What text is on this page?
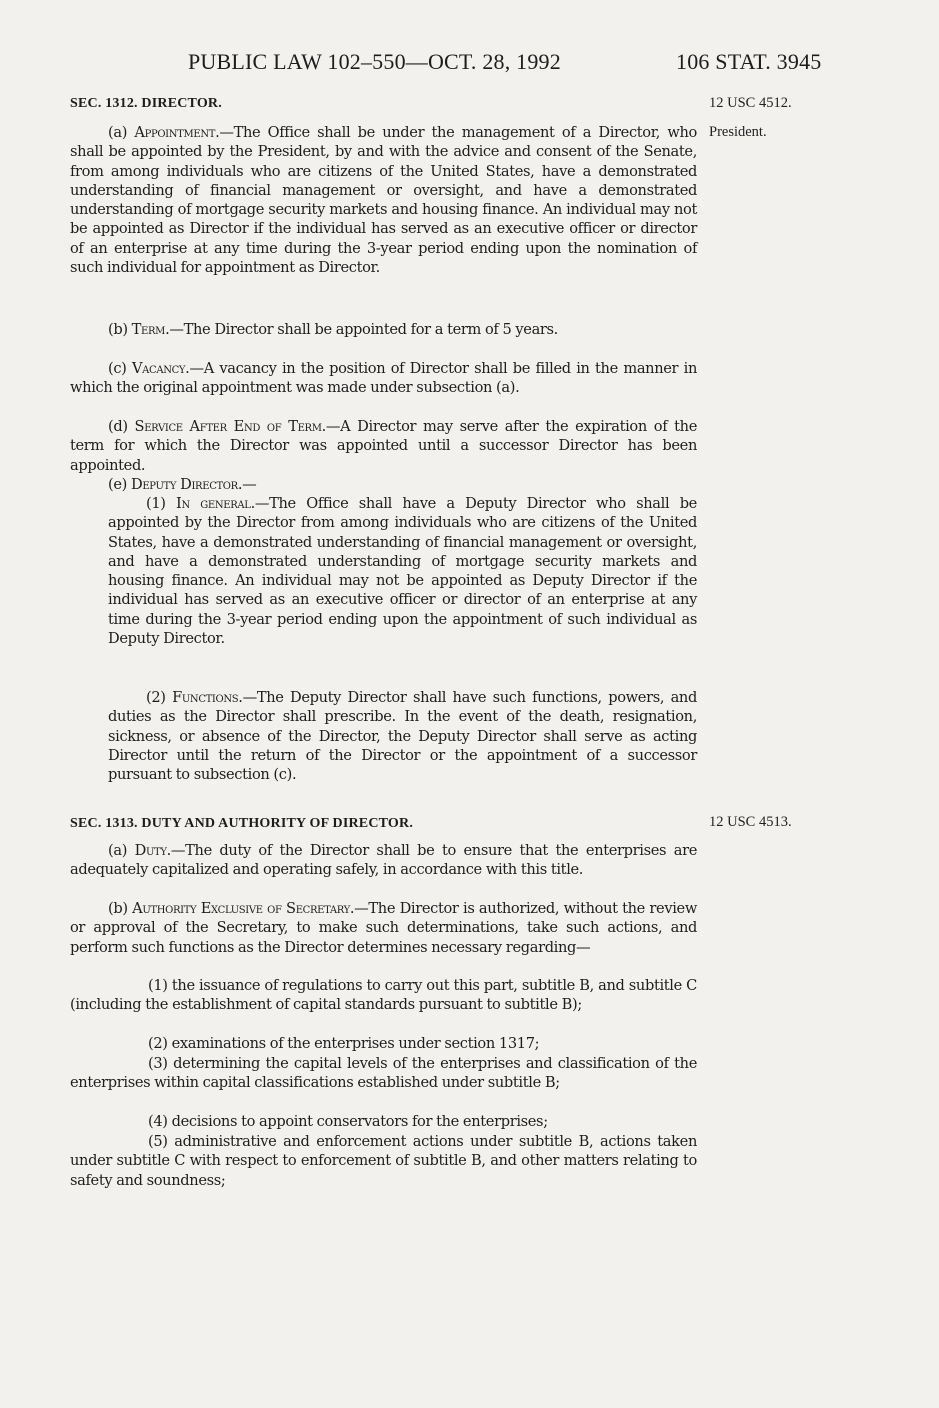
PUBLIC LAW 102–550—OCT. 28, 1992	106 STAT. 3945
12 USC 4512.
President.
12 USC 4513.
SEC. 1312. DIRECTOR.

(a) Appointment.—The Office shall be under the management of a Director, who shall be appointed by the President, by and with the advice and consent of the Senate, from among individuals who are citizens of the United States, have a demonstrated understanding of financial management or oversight, and have a demonstrated understanding of mortgage security markets and housing finance. An individual may not be appointed as Director if the individual has served as an executive officer or director of an enterprise at any time during the 3-year period ending upon the nomination of such individual for appointment as Director.

(b) Term.—The Director shall be appointed for a term of 5 years.

(c) Vacancy.—A vacancy in the position of Director shall be filled in the manner in which the original appointment was made under subsection (a).

(d) Service After End of Term.—A Director may serve after the expiration of the term for which the Director was appointed until a successor Director has been appointed.

(e) Deputy Director.—

(1) In general.—The Office shall have a Deputy Director who shall be appointed by the Director from among individuals who are citizens of the United States, have a demonstrated understanding of financial management or oversight, and have a demonstrated understanding of mortgage security markets and housing finance. An individual may not be appointed as Deputy Director if the individual has served as an executive officer or director of an enterprise at any time during the 3-year period ending upon the appointment of such individual as Deputy Director.

(2) Functions.—The Deputy Director shall have such functions, powers, and duties as the Director shall prescribe. In the event of the death, resignation, sickness, or absence of the Director, the Deputy Director shall serve as acting Director until the return of the Director or the appointment of a successor pursuant to subsection (c).

SEC. 1313. DUTY AND AUTHORITY OF DIRECTOR.

(a) Duty.—The duty of the Director shall be to ensure that the enterprises are adequately capitalized and operating safely, in accordance with this title.

(b) Authority Exclusive of Secretary.—The Director is authorized, without the review or approval of the Secretary, to make such determinations, take such actions, and perform such functions as the Director determines necessary regarding—

(1) the issuance of regulations to carry out this part, subtitle B, and subtitle C (including the establishment of capital standards pursuant to subtitle B);

(2) examinations of the enterprises under section 1317;

(3) determining the capital levels of the enterprises and classification of the enterprises within capital classifications established under subtitle B;

(4) decisions to appoint conservators for the enterprises;

(5) administrative and enforcement actions under subtitle B, actions taken under subtitle C with respect to enforcement of subtitle B, and other matters relating to safety and soundness;
